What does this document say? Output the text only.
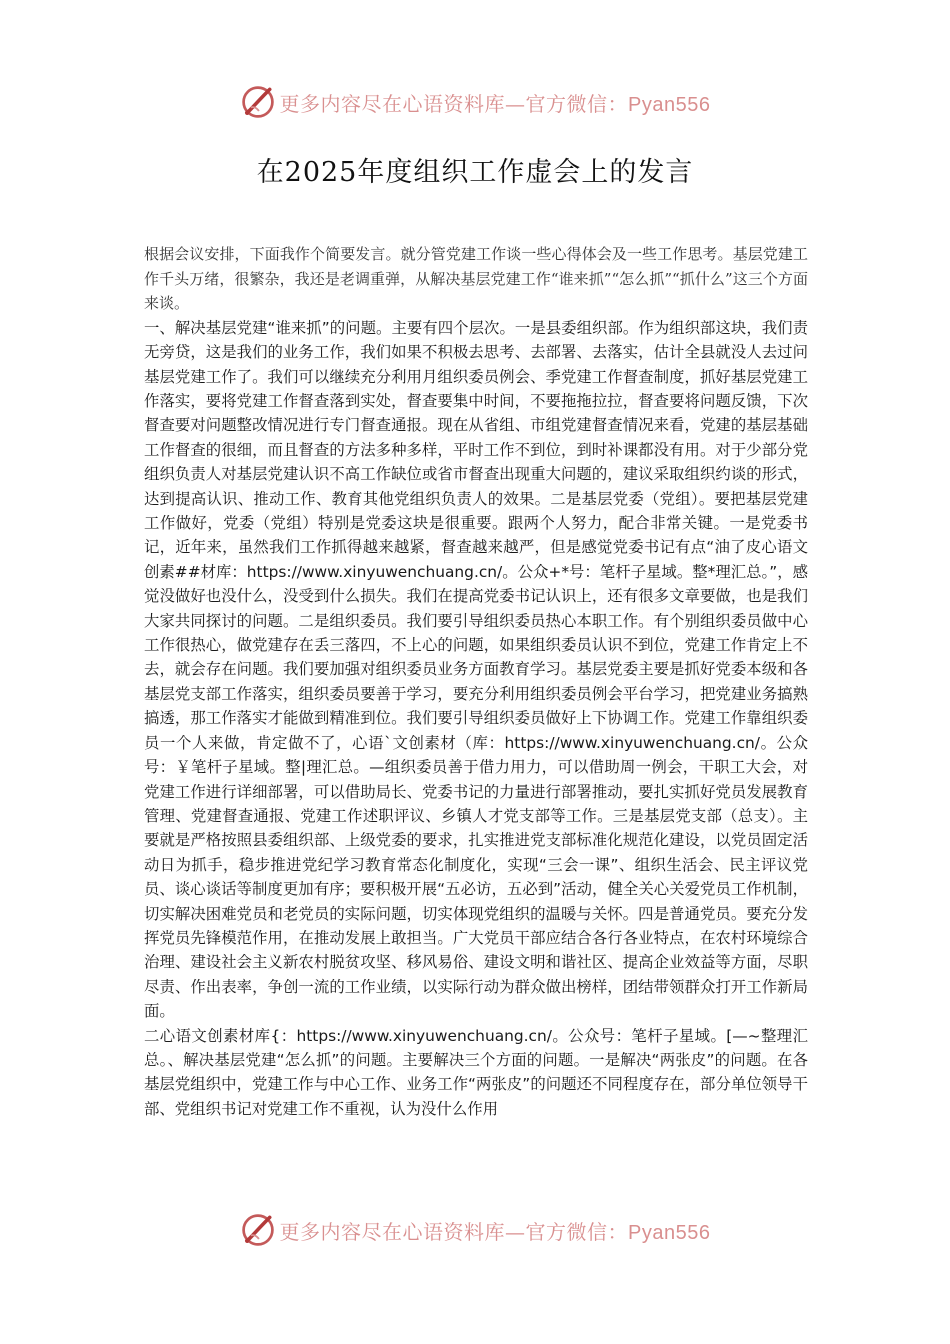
更多内容尽在心语资料库—官方微信：Pyan556
在2025年度组织工作虚会上的发言

根据会议安排，下面我作个简要发言。就分管党建工作谈一些心得体会及一些工作思考。基层党建工作千头万绪，很繁杂，我还是老调重弹，从解决基层党建工作“谁来抓”“怎么抓”“抓什么”这三个方面来谈。

一、解决基层党建“谁来抓”的问题。主要有四个层次。一是县委组织部。作为组织部这块，我们责无旁贷，这是我们的业务工作，我们如果不积极去思考、去部署、去落实，估计全县就没人去过问基层党建工作了。我们可以继续充分利用月组织委员例会、季党建工作督查制度，抓好基层党建工作落实，要将党建工作督查落到实处，督查要集中时间，不要拖拖拉拉，督查要将问题反馈，下次督查要对问题整改情况进行专门督查通报。现在从省组、市组党建督查情况来看，党建的基层基础工作督查的很细，而且督查的方法多种多样，平时工作不到位，到时补课都没有用。对于少部分党组织负责人对基层党建认识不高工作缺位或省市督查出现重大问题的，建议采取组织约谈的形式，达到提高认识、推动工作、教育其他党组织负责人的效果。二是基层党委（党组）。要把基层党建工作做好，党委（党组）特别是党委这块是很重要。跟两个人努力，配合非常关键。一是党委书记，近年来，虽然我们工作抓得越来越紧，督查越来越严，但是感觉党委书记有点“油了皮心语文创素##材库：https://www.xinyuwenchuang.cn/。公众+*号：笔杆子星域。整*理汇总。”，感觉没做好也没什么，没受到什么损失。我们在提高党委书记认识上，还有很多文章要做，也是我们大家共同探讨的问题。二是组织委员。我们要引导组织委员热心本职工作。有个别组织委员做中心工作很热心，做党建存在丢三落四，不上心的问题，如果组织委员认识不到位，党建工作肯定上不去，就会存在问题。我们要加强对组织委员业务方面教育学习。基层党委主要是抓好党委本级和各基层党支部工作落实，组织委员要善于学习，要充分利用组织委员例会平台学习，把党建业务搞熟搞透，那工作落实才能做到精准到位。我们要引导组织委员做好上下协调工作。党建工作靠组织委员一个人来做，肯定做不了，心语`文创素材（库：https://www.xinyuwenchuang.cn/。公众号：￥笔杆子星域。整|理汇总。—组织委员善于借力用力，可以借助周一例会，干职工大会，对党建工作进行详细部署，可以借助局长、党委书记的力量进行部署推动，要扎实抓好党员发展教育管理、党建督查通报、党建工作述职评议、乡镇人才党支部等工作。三是基层党支部（总支）。主要就是严格按照县委组织部、上级党委的要求，扎实推进党支部标准化规范化建设，以党员固定活动日为抓手，稳步推进党纪学习教育常态化制度化，实现“三会一课”、组织生活会、民主评议党员、谈心谈话等制度更加有序；要积极开展“五必访，五必到”活动，健全关心关爱党员工作机制，切实解决困难党员和老党员的实际问题，切实体现党组织的温暖与关怀。四是普通党员。要充分发挥党员先锋模范作用，在推动发展上敢担当。广大党员干部应结合各行各业特点，在农村环境综合治理、建设社会主义新农村脱贫攻坚、移风易俗、建设文明和谐社区、提高企业效益等方面，尽职尽责、作出表率，争创一流的工作业绩，以实际行动为群众做出榜样，团结带领群众打开工作新局面。

二心语文创素材库{：https://www.xinyuwenchuang.cn/。公众号：笔杆子星域。[—~整理汇总。、解决基层党建“怎么抓”的问题。主要解决三个方面的问题。一是解决“两张皮”的问题。在各基层党组织中，党建工作与中心工作、业务工作“两张皮”的问题还不同程度存在，部分单位领导干部、党组织书记对党建工作不重视，认为没什么作用

更多内容尽在心语资料库—官方微信：Pyan556
